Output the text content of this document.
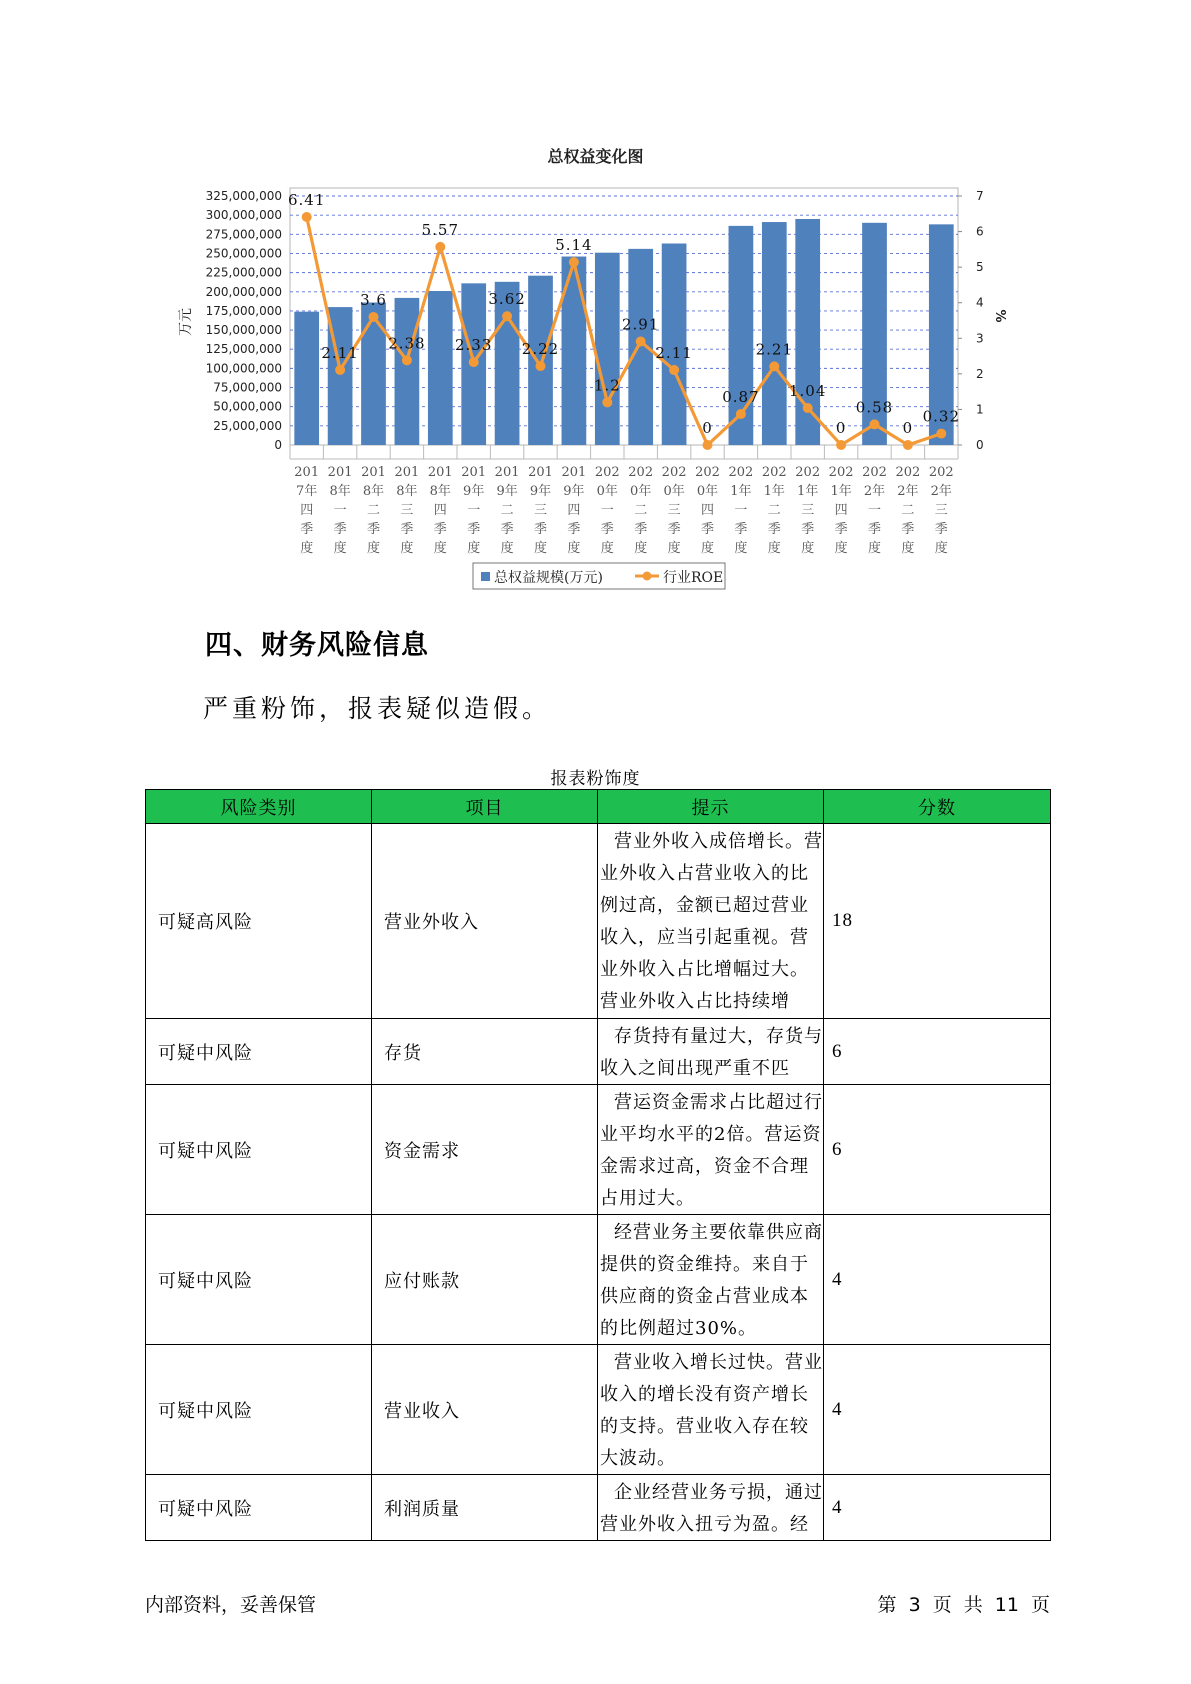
总权益变化图
0
25,000,000
50,000,000
75,000,000
100,000,000
125,000,000
150,000,000
175,000,000
200,000,000
225,000,000
250,000,000
275,000,000
300,000,000
325,000,000
0
1
2
3
4
5
6
7
万元	%
201
7年
四
季
度
201
8年
一
季
度
201
8年
二
季
度
201
8年
三
季
度
201
8年
四
季
度
201
9年
一
季
度
201
9年
二
季
度
201
9年
三
季
度
201
9年
四
季
度
202
0年
一
季
度
202
0年
二
季
度
202
0年
三
季
度
202
0年
四
季
度
202
1年
一
季
度
202
1年
二
季
度
202
1年
三
季
度
202
1年
四
季
度
202
2年
一
季
度
202
2年
二
季
度
202
2年
三
季
度
6.41
2.11
3.6
2.38
5.57
2.33
3.62
2.22
5.14
1.2
2.91
2.11
0
0.87
2.21
1.04
0
0.58
0
0.32
总权益规模(万元)	行业ROE
四、财务风险信息
严重粉饰，报表疑似造假。
报表粉饰度
风险类别	项目	提示	分数
可疑高风险	营业外收入	营业外收入成倍增长。营业外收入占营业收入的比例过高，金额已超过营业收入，应当引起重视。营业外收入占比增幅过大。营业外收入占比持续增	18
可疑中风险	存货	存货持有量过大，存货与收入之间出现严重不匹	6
可疑中风险	资金需求	营运资金需求占比超过行业平均水平的2倍。营运资金需求过高，资金不合理占用过大。	6
可疑中风险	应付账款	经营业务主要依靠供应商提供的资金维持。来自于供应商的资金占营业成本的比例超过30%。	4
可疑中风险	营业收入	营业收入增长过快。营业收入的增长没有资产增长的支持。营业收入存在较大波动。	4
可疑中风险	利润质量	企业经营业务亏损，通过营业外收入扭亏为盈。经	4
内部资料，妥善保管	第 3 页 共 11 页
